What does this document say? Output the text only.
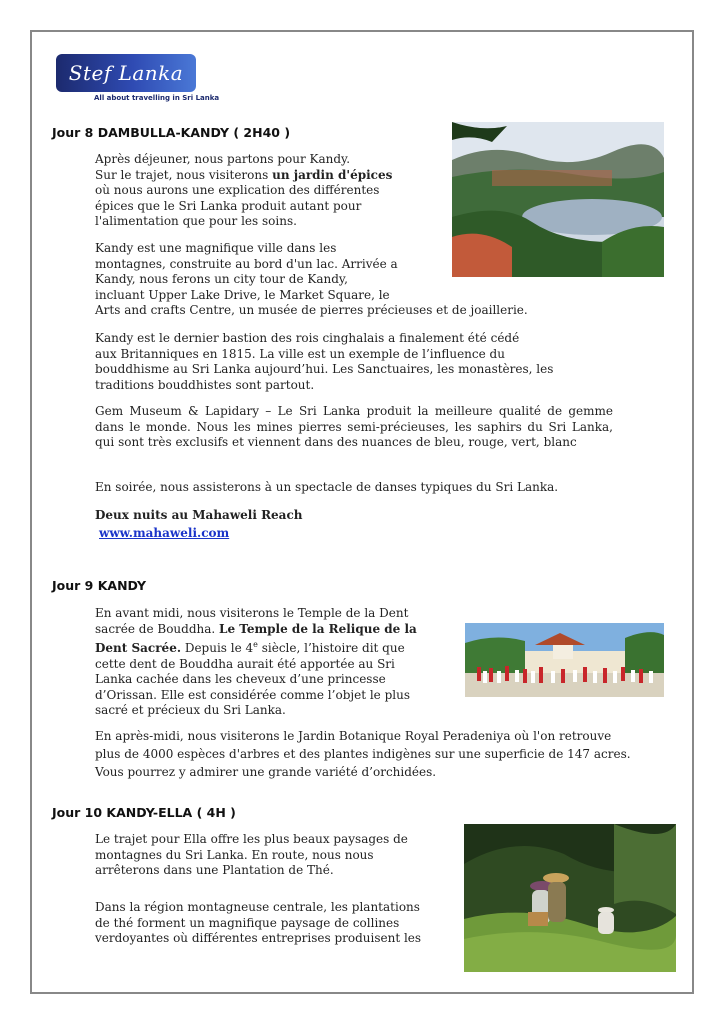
Stef Lanka
All about travelling in Sri Lanka
Jour 8 DAMBULLA-KANDY ( 2H40 )
Après déjeuner, nous partons pour Kandy.
Sur le trajet, nous visiterons un jardin d'épices
où nous aurons une explication des différentes
épices que le Sri Lanka produit autant pour
l'alimentation que pour les soins.
Kandy est une magnifique ville dans les
montagnes, construite au bord d'un lac. Arrivée a
Kandy, nous ferons un city tour de Kandy,
incluant Upper Lake Drive, le Market Square, le
Arts and crafts Centre, un musée de pierres précieuses et de joaillerie.
Kandy est le dernier bastion des rois cinghalais a finalement été cédé
aux Britanniques en 1815. La ville est un exemple de l’influence du
bouddhisme au Sri Lanka aujourd’hui. Les Sanctuaires, les monastères, les
traditions bouddhistes sont partout.
Gem Museum & Lapidary – Le Sri Lanka produit la meilleure qualité de gemme dans le monde. Nous les mines pierres semi-précieuses, les saphirs du Sri Lanka, qui sont très exclusifs et viennent dans des nuances de bleu, rouge, vert, blanc
En soirée, nous assisterons à un spectacle de danses typiques du Sri Lanka.
Deux nuits au Mahaweli Reach
www.mahaweli.com
Jour 9 KANDY
En avant midi, nous visiterons le Temple de la Dent
sacrée de Bouddha. Le Temple de la Relique de la
Dent Sacrée. Depuis le 4e siècle, l’histoire dit que
cette dent de Bouddha aurait été apportée au Sri
Lanka cachée dans les cheveux d’une princesse
d’Orissan. Elle est considérée comme l’objet le plus
sacré et précieux du Sri Lanka.
En après-midi, nous visiterons le Jardin Botanique Royal Peradeniya où l'on retrouve plus de 4000 espèces d'arbres et des plantes indigènes sur une superficie de 147 acres. Vous pourrez y admirer une grande variété d’orchidées.
Jour 10 KANDY-ELLA ( 4H )
Le trajet pour Ella offre les plus beaux paysages de
montagnes du Sri Lanka. En route, nous nous
arrêterons dans une Plantation de Thé.
Dans la région montagneuse centrale, les plantations
de thé forment un magnifique paysage de collines
verdoyantes où différentes entreprises produisent les
